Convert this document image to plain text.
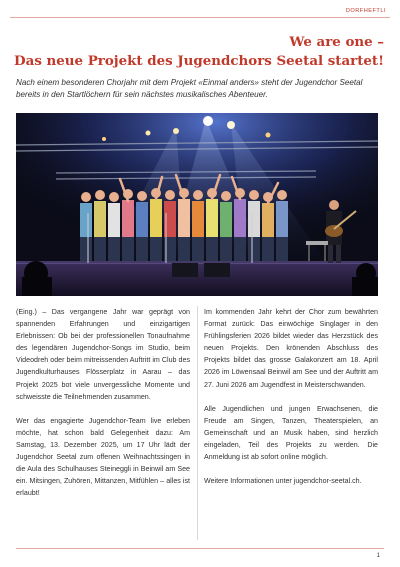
DORFHEFTLI
We are one –
Das neue Projekt des Jugendchors Seetal startet!
Nach einem besonderen Chorjahr mit dem Projekt «Einmal anders» steht der Jugendchor Seetal bereits in den Startlöchern für sein nächstes musikalisches Abenteuer.

(Eing.) – Das vergangene Jahr war geprägt von spannenden Erfahrungen und einzigartigen Erlebnissen: Ob bei der professionellen Tonaufnahme des legendären Jugendchor-Songs im Studio, beim Videodreh oder beim mitreissenden Auftritt im Club des Jugendkulturhauses Flösserplatz in Aarau – das Projekt 2025 bot viele unvergessliche Momente und schweisste die Teilnehmenden zusammen.

Wer das engagierte Jugendchor-Team live erleben möchte, hat schon bald Gelegenheit dazu: Am Samstag, 13. Dezember 2025, um 17 Uhr lädt der Jugendchor Seetal zum offenen Weihnachtssingen in die Aula des Schulhauses Steineggli in Beinwil am See ein. Mitsingen, Zuhören, Mittanzen, Mitfühlen – alles ist erlaubt!

Im kommenden Jahr kehrt der Chor zum bewährten Format zurück: Das einwöchige Singlager in den Frühlingsferien 2026 bildet wieder das Herzstück des neuen Projekts. Den krönenden Abschluss des Projekts bildet das grosse Galakonzert am 18. April 2026 im Löwensaal Beinwil am See und der Auftritt am 27. Juni 2026 am Jugendfest in Meisterschwanden.

Alle Jugendlichen und jungen Erwachsenen, die Freude am Singen, Tanzen, Theaterspielen, an Gemeinschaft und an Musik haben, sind herzlich eingeladen, Teil des Projekts zu werden. Die Anmeldung ist ab sofort online möglich.

Weitere Informationen unter jugendchor-seetal.ch.

1
